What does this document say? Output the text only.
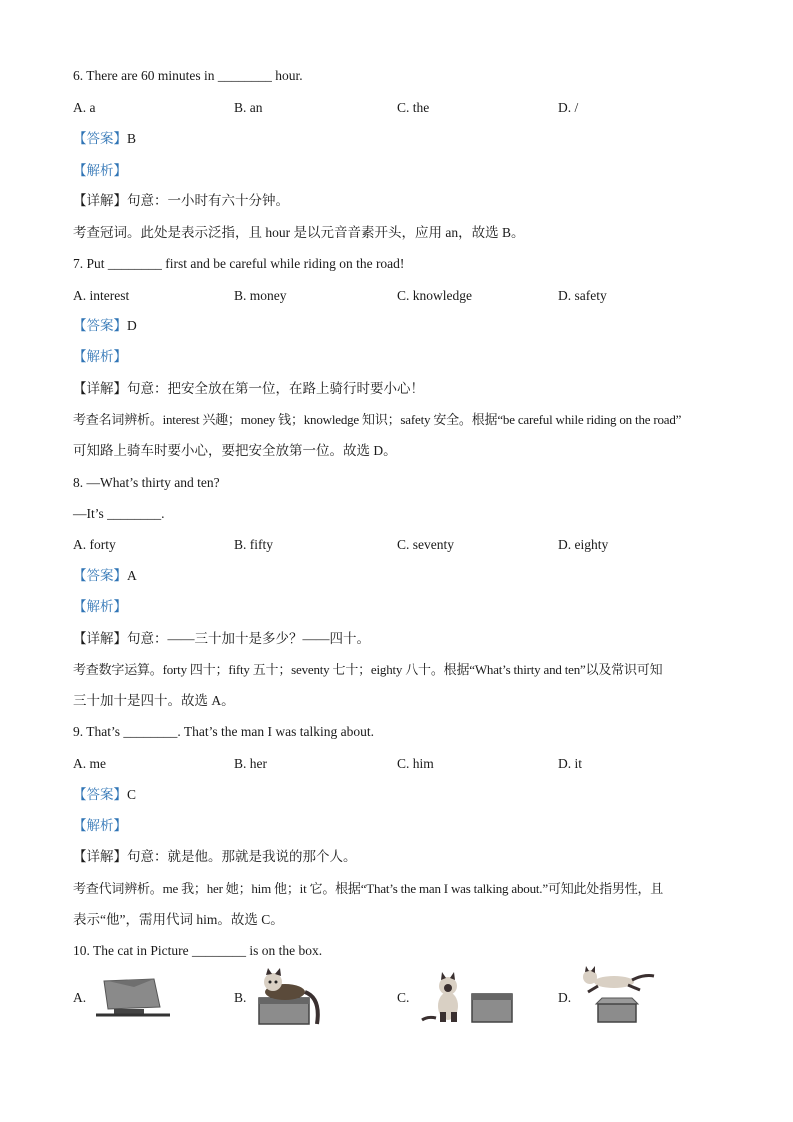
6. There are 60 minutes in ________ hour.
A. a	B. an	C. the	D. /
【答案】B
【解析】
【详解】句意：一小时有六十分钟。
考查冠词。此处是表示泛指，且 hour 是以元音音素开头，应用 an，故选 B。
7. Put ________ first and be careful while riding on the road!
A. interest	B. money	C. knowledge	D. safety
【答案】D
【解析】
【详解】句意：把安全放在第一位，在路上骑行时要小心！
考查名词辨析。interest 兴趣；money 钱；knowledge 知识；safety 安全。根据“be careful while riding on the road”
可知路上骑车时要小心，要把安全放第一位。故选 D。
8. —What’s thirty and ten?
—It’s ________.
A. forty	B. fifty	C. seventy	D. eighty
【答案】A
【解析】
【详解】句意：——三十加十是多少？——四十。
考查数字运算。forty 四十；fifty 五十；seventy 七十；eighty 八十。根据“What’s thirty and ten”以及常识可知
三十加十是四十。故选 A。
9. That’s ________. That’s the man I was talking about.
A. me	B. her	C. him	D. it
【答案】C
【解析】
【详解】句意：就是他。那就是我说的那个人。
考查代词辨析。me 我；her 她；him 他；it 它。根据“That’s the man I was talking about.”可知此处指男性，且
表示“他”，需用代词 him。故选 C。
10. The cat in Picture ________ is on the box.
A.	B.	C.	D.
